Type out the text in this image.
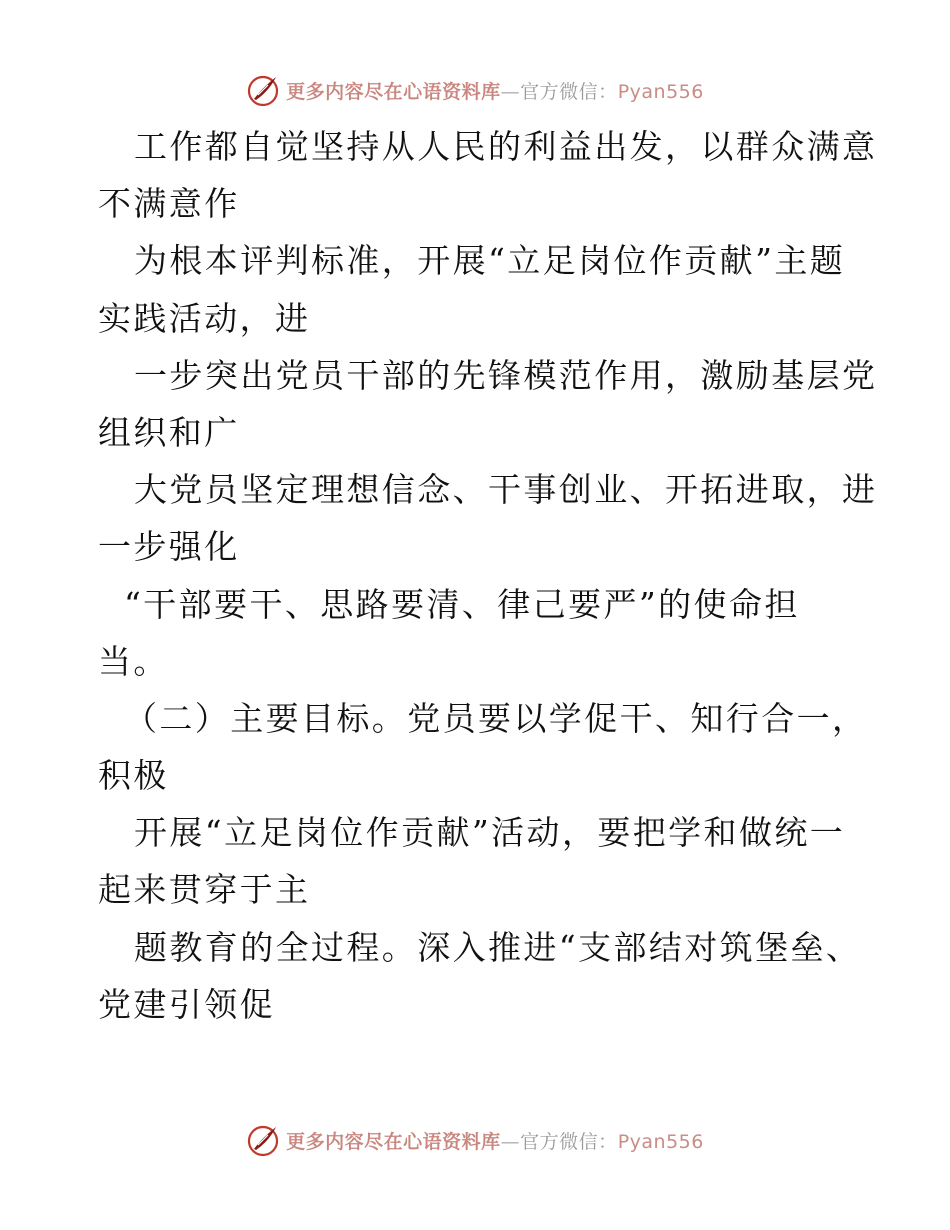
更多内容尽在心语资料库—官方微信：Pyan556
工作都自觉坚持从人民的利益出发，以群众满意
不满意作
为根本评判标准，开展“立足岗位作贡献”主题
实践活动，进
一步突出党员干部的先锋模范作用，激励基层党
组织和广
大党员坚定理想信念、干事创业、开拓进取，进
一步强化
“干部要干、思路要清、律己要严”的使命担
当。
（二）主要目标。党员要以学促干、知行合一，
积极
开展“立足岗位作贡献”活动，要把学和做统一
起来贯穿于主
题教育的全过程。深入推进“支部结对筑堡垒、
党建引领促
更多内容尽在心语资料库—官方微信：Pyan556
